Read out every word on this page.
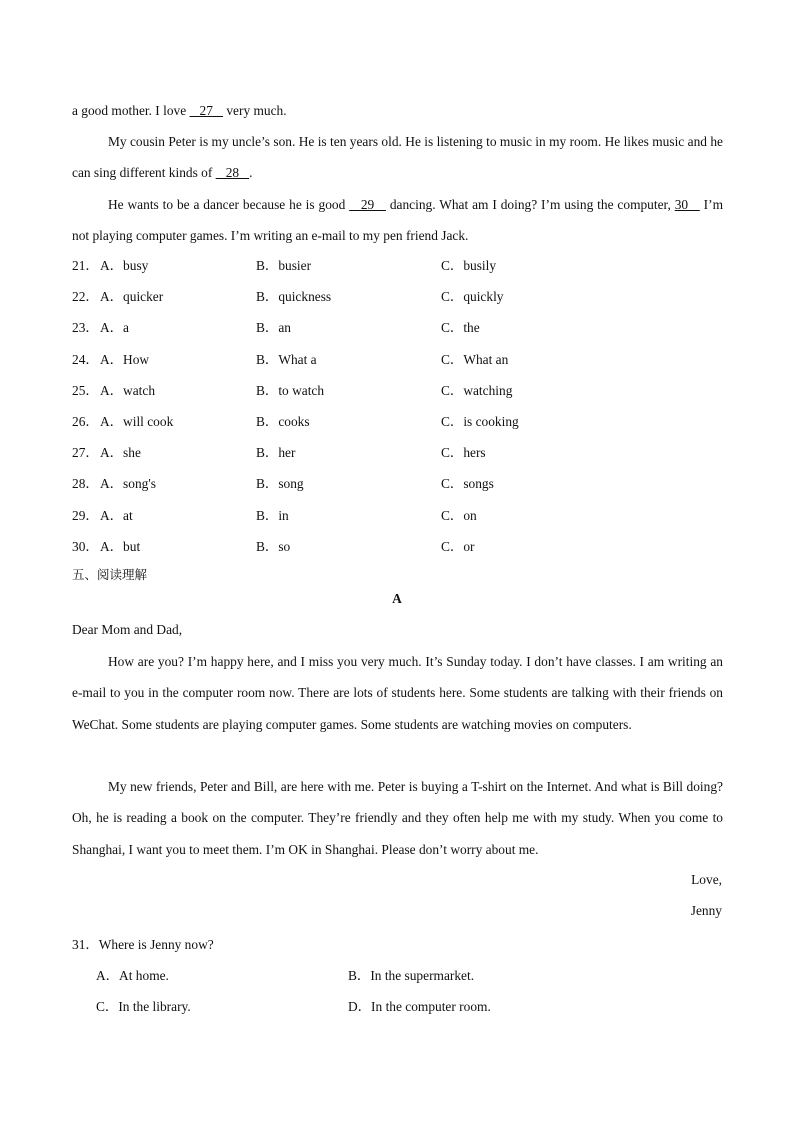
a good mother. I love    27    very much.

My cousin Peter is my uncle’s son. He is ten years old. He is listening to music in my room. He likes music and he can sing different kinds of    28   .

He wants to be a dancer because he is good    29    dancing. What am I doing? I’m using the computer, 30    I’m not playing computer games. I’m writing an e-mail to my pen friend Jack.

21． A．busy	B．busier	C．busily
22． A．quicker	B．quickness	C．quickly
23． A．a	B．an	C．the
24． A．How	B．What a	C．What an
25． A．watch	B．to watch	C．watching
26． A．will cook	B．cooks	C．is cooking
27． A．she	B．her	C．hers
28． A．song's	B．song	C．songs
29． A．at	B．in	C．on
30． A．but	B．so	C．or
五、阅读理解
A
Dear Mom and Dad,

How are you? I’m happy here, and I miss you very much. It’s Sunday today. I don’t have classes. I am writing an e-mail to you in the computer room now. There are lots of students here. Some students are talking with their friends on WeChat. Some students are playing computer games. Some students are watching movies on computers.

My new friends, Peter and Bill, are here with me. Peter is buying a T-shirt on the Internet. And what is Bill doing? Oh, he is reading a book on the computer. They’re friendly and they often help me with my study. When you come to Shanghai, I want you to meet them. I’m OK in Shanghai. Please don’t worry about me.

Love,
Jenny
31．Where is Jenny now?
A．At home.	B．In the supermarket.
C．In the library.	D．In the computer room.
